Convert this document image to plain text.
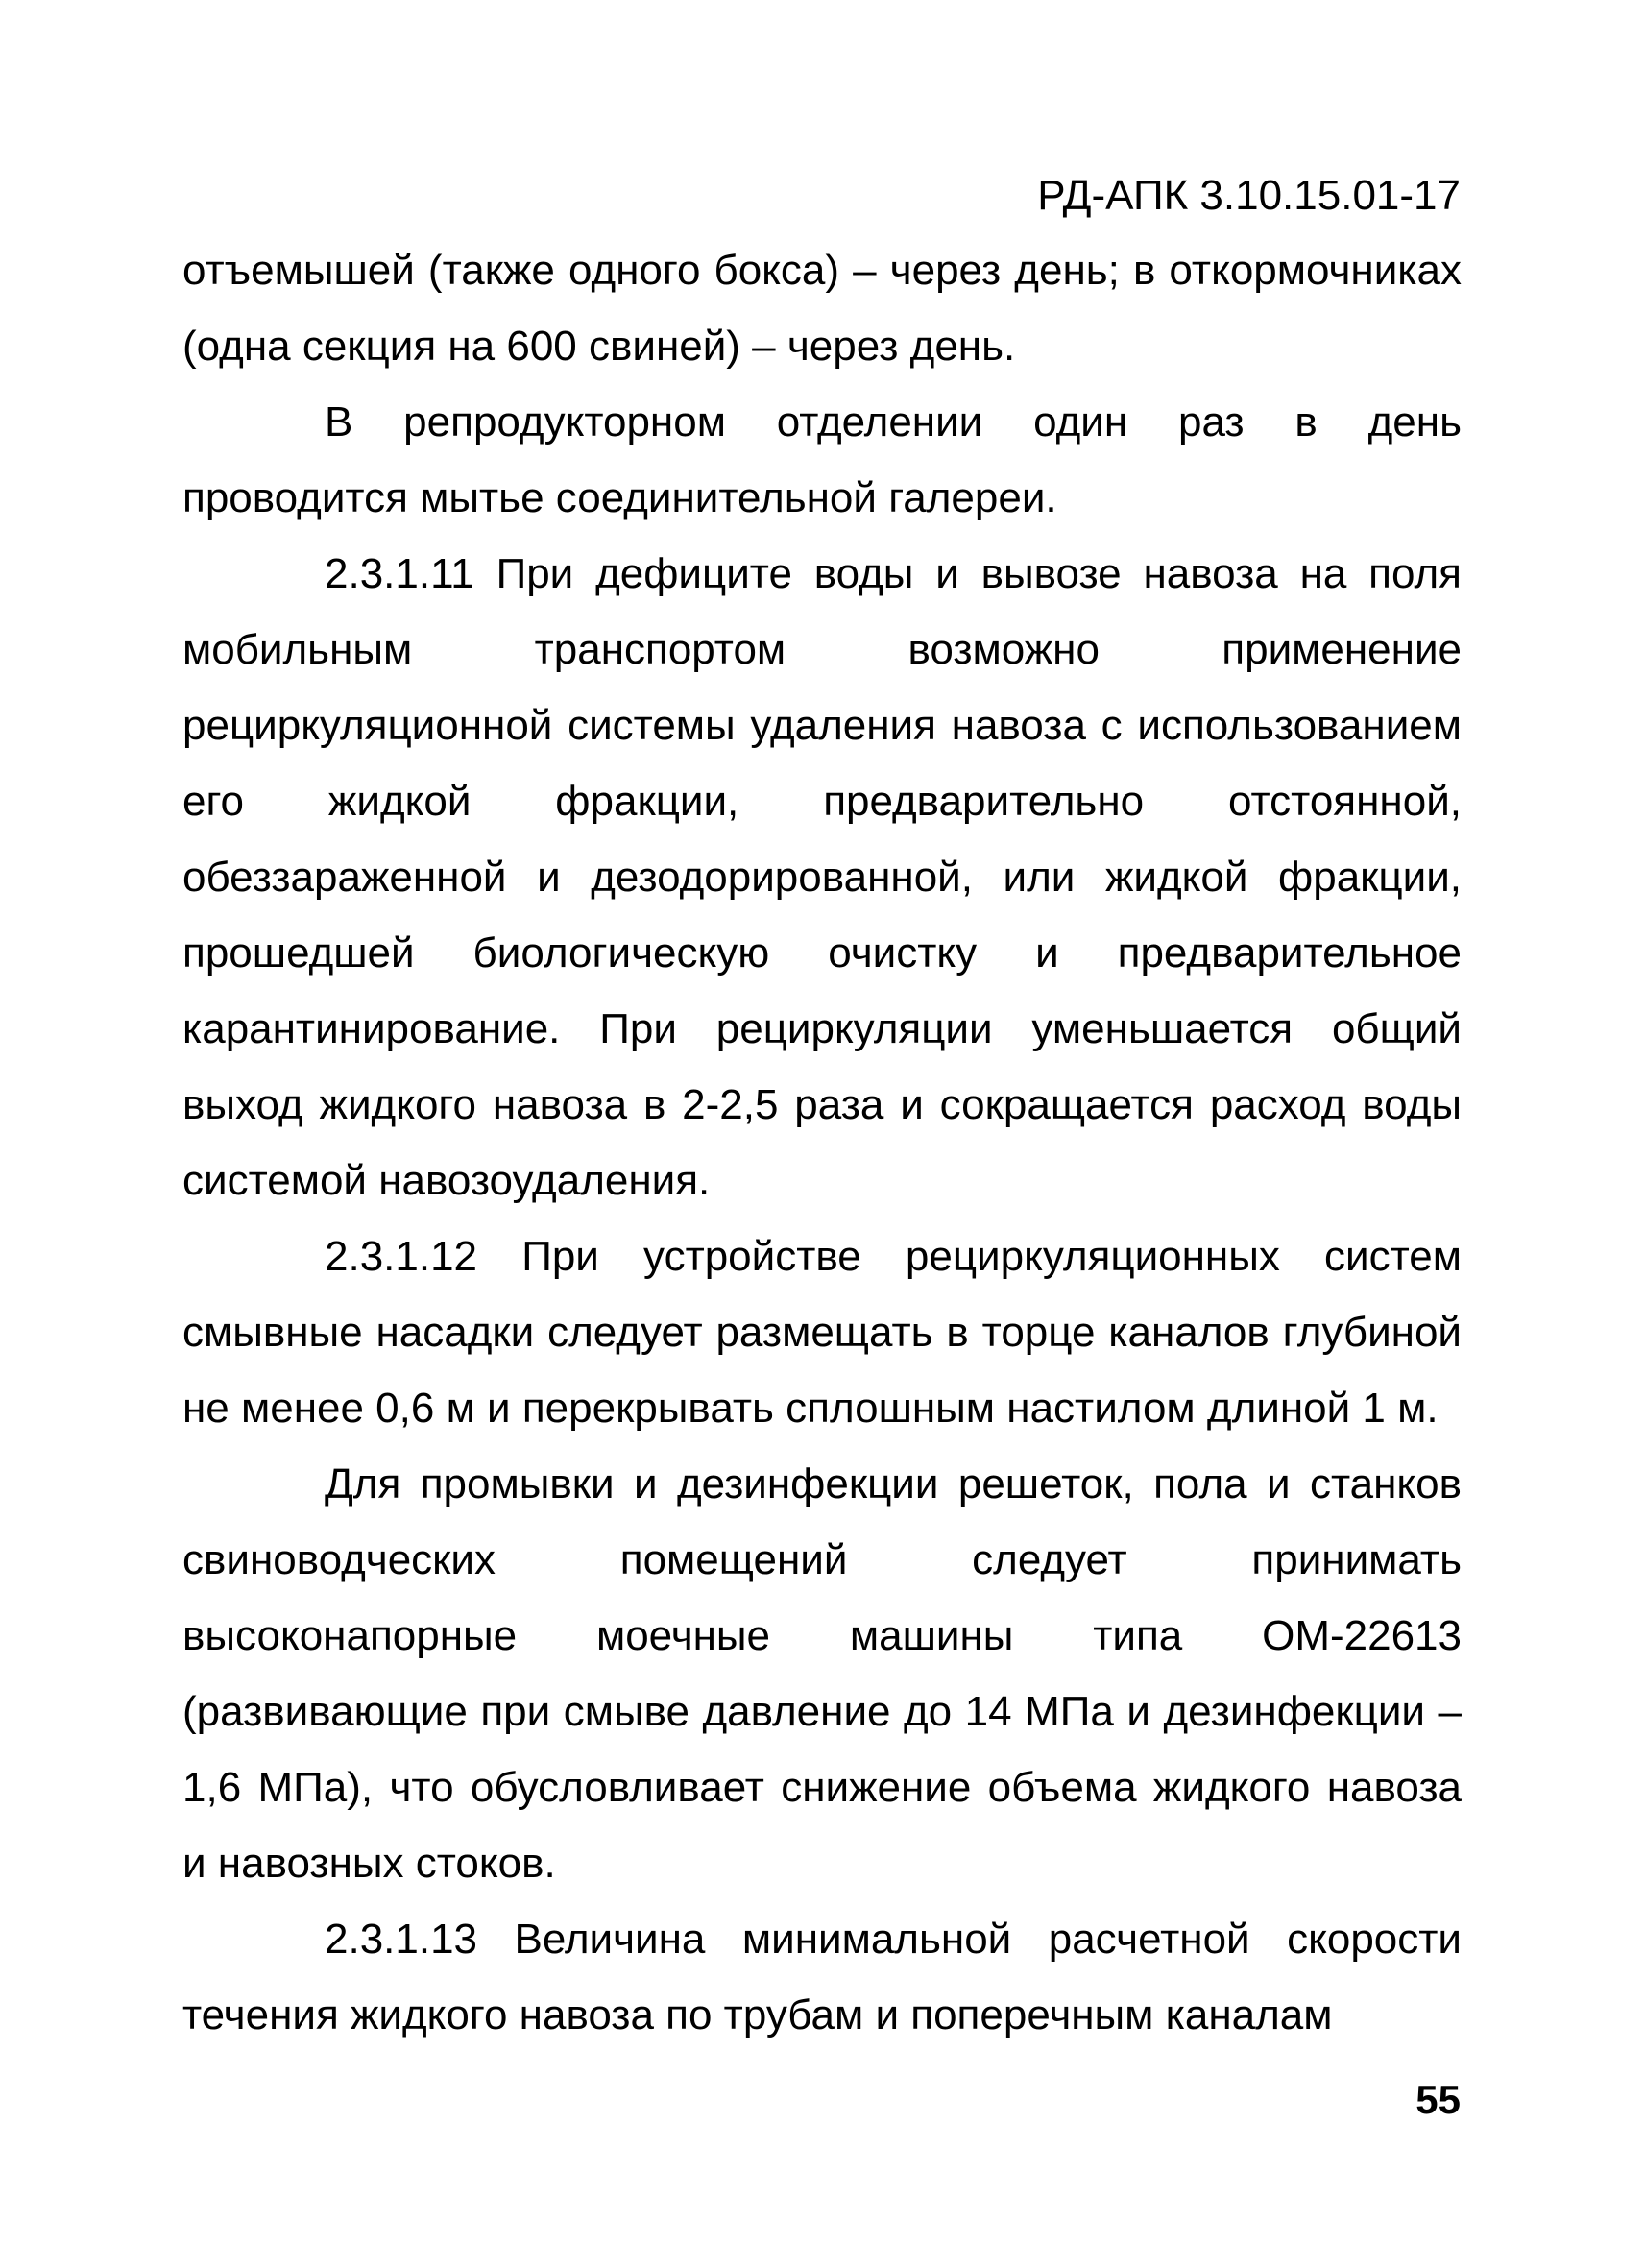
РД-АПК 3.10.15.01-17

отъемышей (также одного бокса) – через день; в откормочниках (одна секция на 600 свиней) – через день.

В репродукторном отделении один раз в день проводится мытье соединительной галереи.

2.3.1.11 При дефиците воды и вывозе навоза на поля мобильным транспортом возможно применение рециркуляционной системы удаления навоза с использованием его жидкой фракции, предварительно отстоянной, обеззараженной и дезодорированной, или жидкой фракции, прошедшей биологическую очистку и предварительное карантинирование. При рециркуляции уменьшается общий выход жидкого навоза в 2-2,5 раза и сокращается расход воды системой навозоудаления.

2.3.1.12 При устройстве рециркуляционных систем смывные насадки следует размещать в торце каналов глубиной не менее 0,6 м и перекрывать сплошным настилом длиной 1 м.

Для промывки и дезинфекции решеток, пола и станков свиноводческих помещений следует принимать высоконапорные моечные машины типа ОМ-22613 (развивающие при смыве давление до 14 МПа и дезинфекции – 1,6 МПа), что обусловливает снижение объема жидкого навоза и навозных стоков.

2.3.1.13 Величина минимальной расчетной скорости течения жидкого навоза по трубам и поперечным каналам

55
